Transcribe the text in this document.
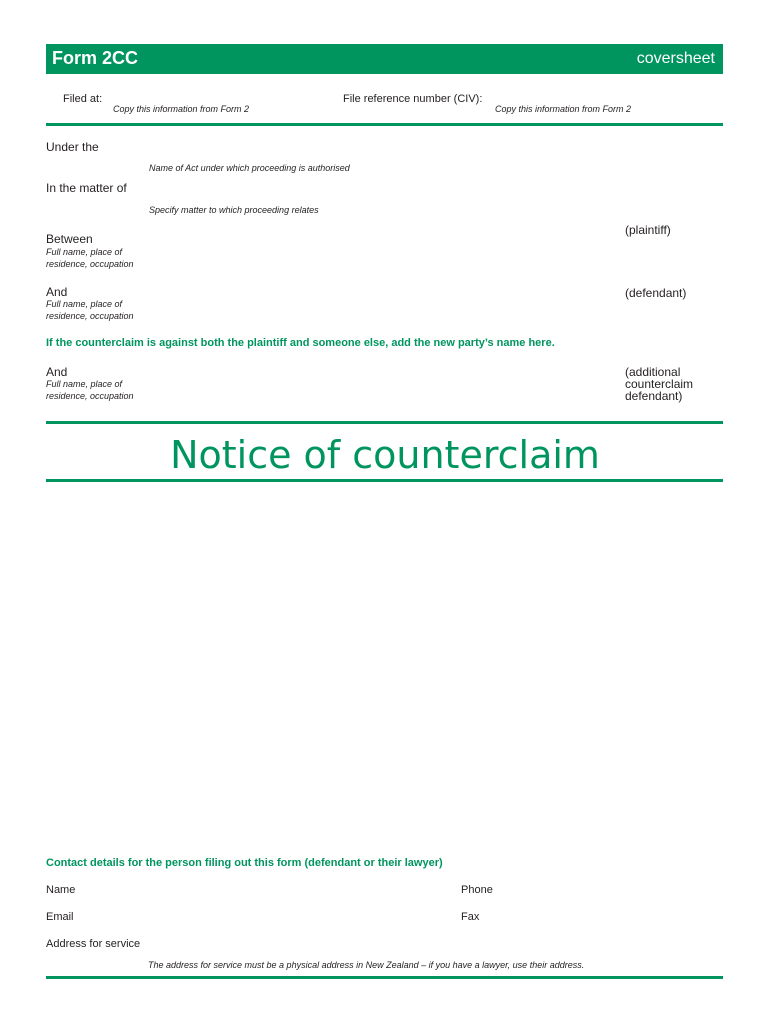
Form 2CC	coversheet
Filed at:
Copy this information from Form 2
File reference number (CIV):
Copy this information from Form 2
Under the
Name of Act under which proceeding is authorised
In the matter of
Specify matter to which proceeding relates
Between
Full name, place of residence, occupation
(plaintiff)
And
Full name, place of residence, occupation
(defendant)
If the counterclaim is against both the plaintiff and someone else, add the new party’s name here.
And
Full name, place of residence, occupation
(additional counterclaim defendant)
Notice of counterclaim
Contact details for the person filing out this form (defendant or their lawyer)
Name	Phone
Email	Fax
Address for service
The address for service must be a physical address in New Zealand – if you have a lawyer, use their address.
